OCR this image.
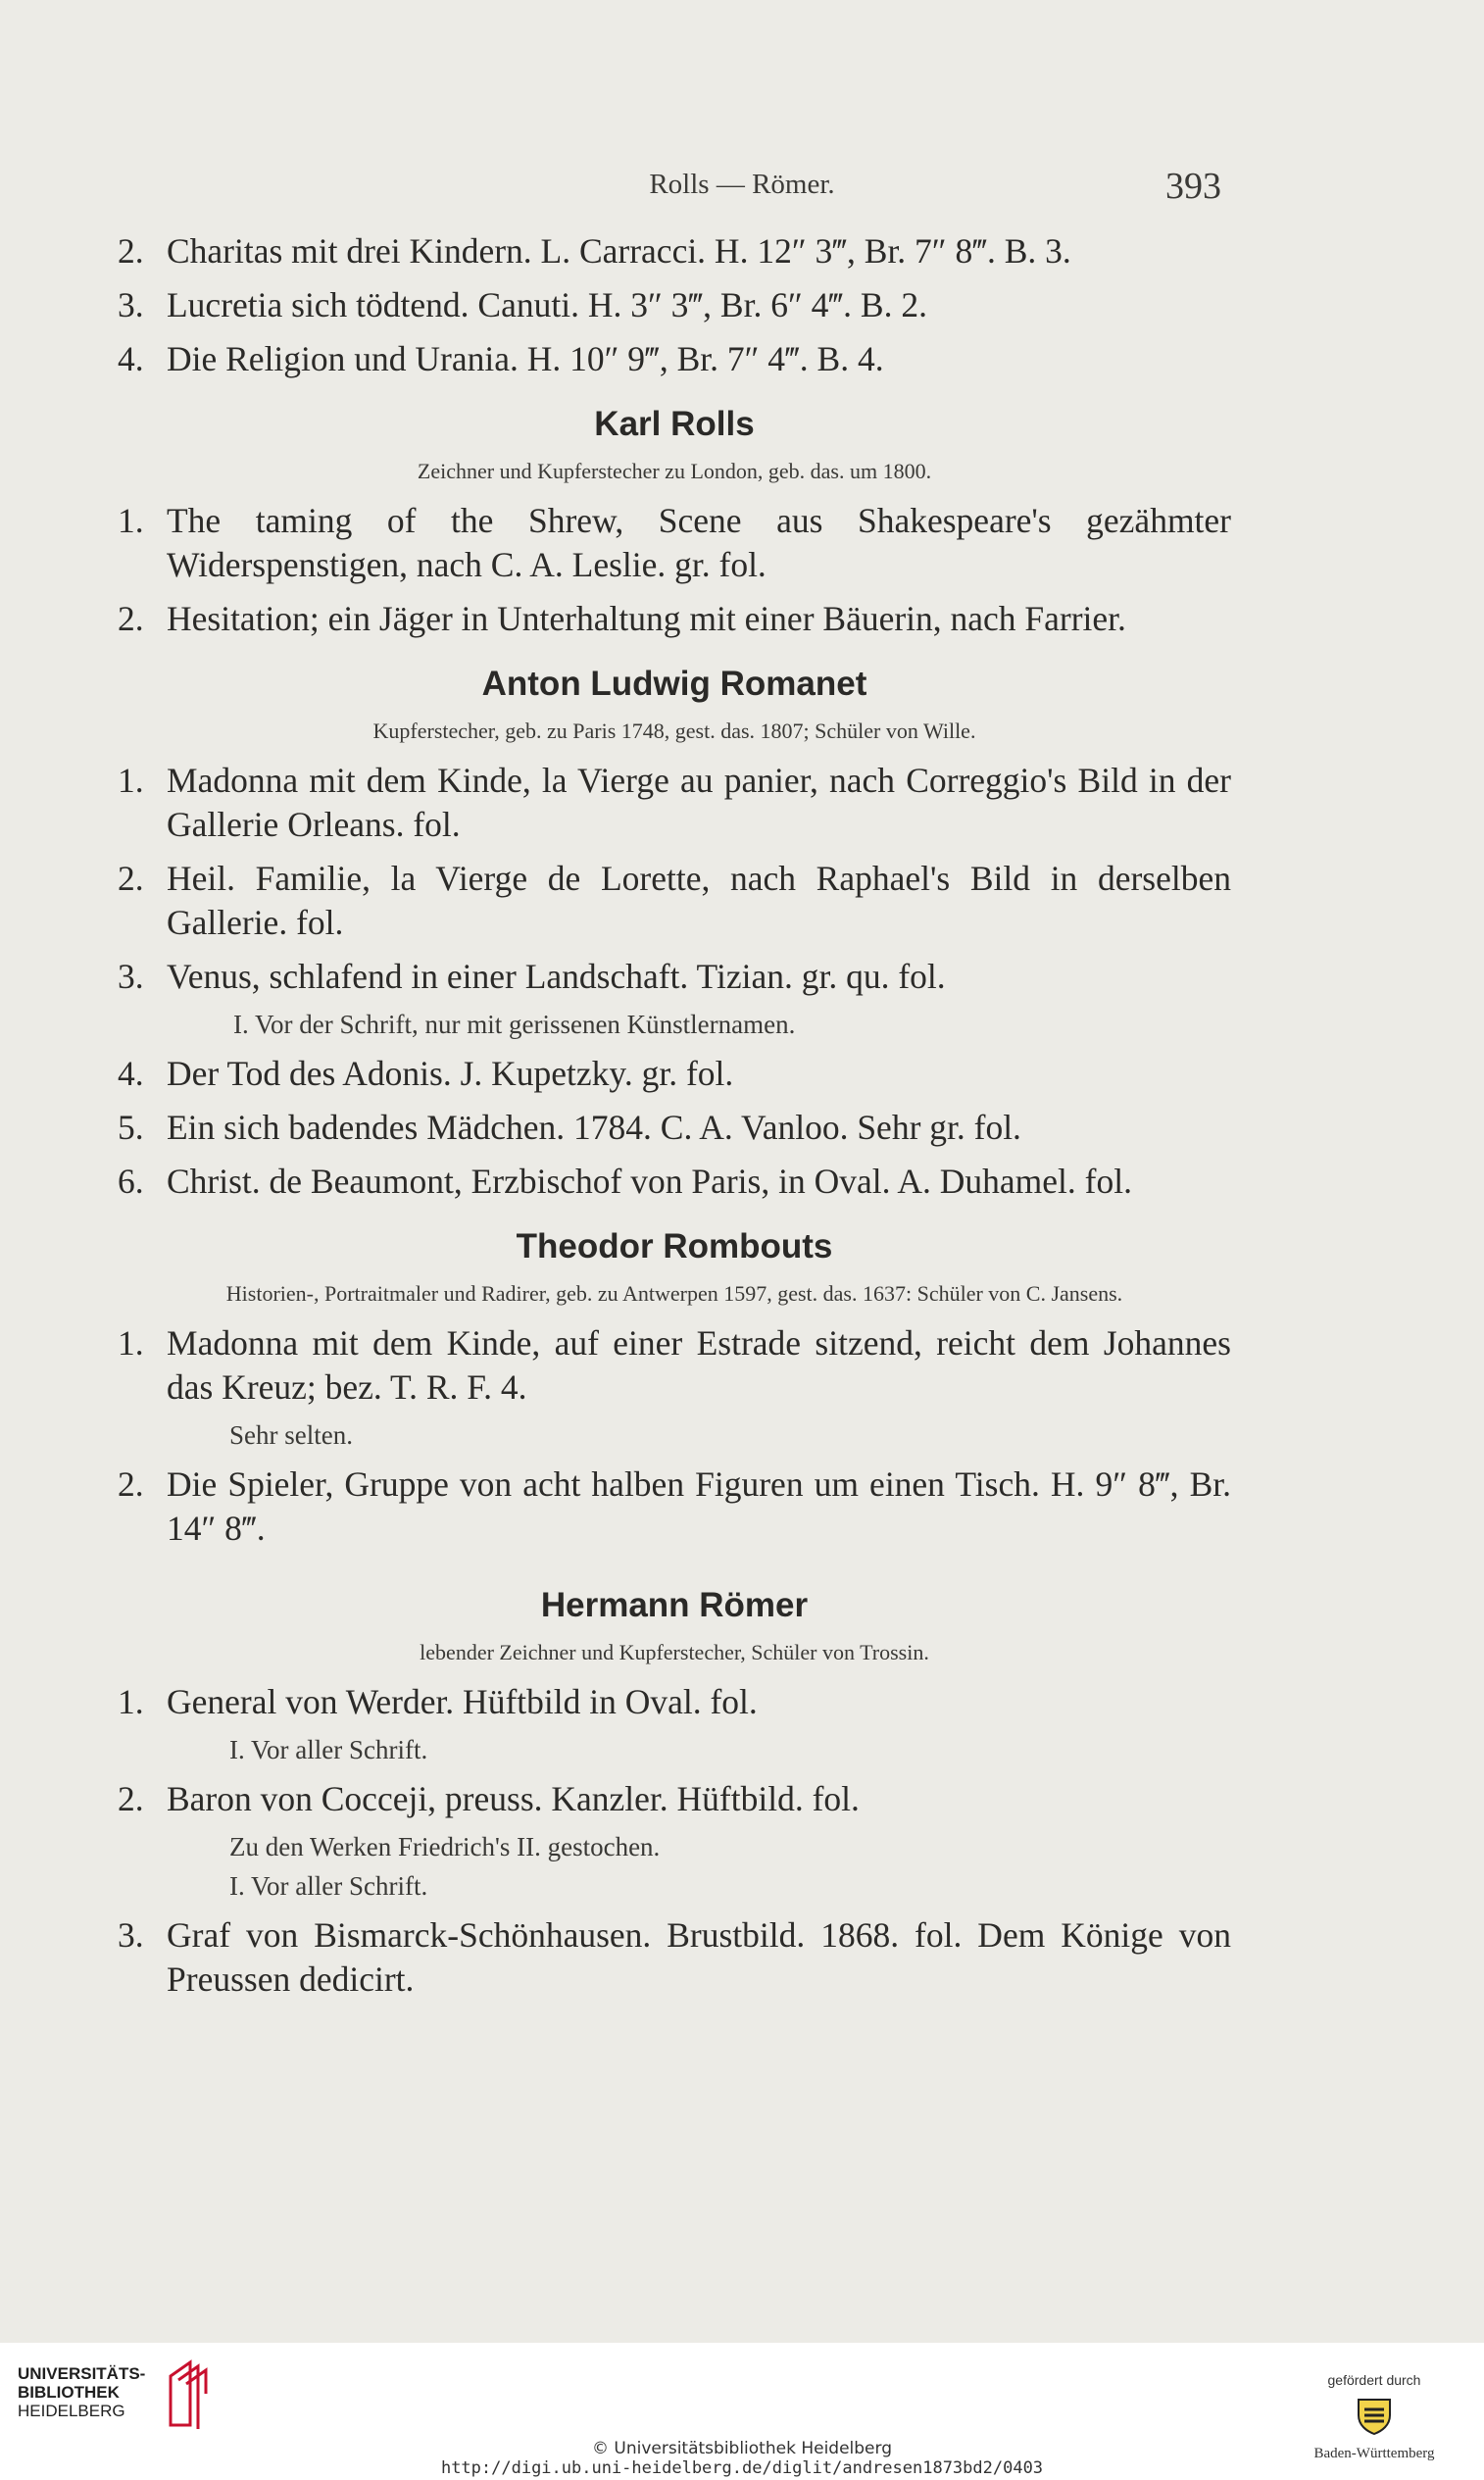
Rolls — Römer.	393

2. Charitas mit drei Kindern. L. Carracci. H. 12″ 3‴, Br. 7″ 8‴. B. 3.

3. Lucretia sich tödtend. Canuti. H. 3″ 3‴, Br. 6″ 4‴. B. 2.

4. Die Religion und Urania. H. 10″ 9‴, Br. 7″ 4‴. B. 4.

Karl Rolls
Zeichner und Kupferstecher zu London, geb. das. um 1800.

1. The taming of the Shrew, Scene aus Shakespeare's gezähmter Widerspenstigen, nach C. A. Leslie. gr. fol.

2. Hesitation; ein Jäger in Unterhaltung mit einer Bäuerin, nach Farrier.

Anton Ludwig Romanet
Kupferstecher, geb. zu Paris 1748, gest. das. 1807; Schüler von Wille.

1. Madonna mit dem Kinde, la Vierge au panier, nach Correggio's Bild in der Gallerie Orleans. fol.

2. Heil. Familie, la Vierge de Lorette, nach Raphael's Bild in derselben Gallerie. fol.

3. Venus, schlafend in einer Landschaft. Tizian. gr. qu. fol.

I. Vor der Schrift, nur mit gerissenen Künstlernamen.

4. Der Tod des Adonis. J. Kupetzky. gr. fol.

5. Ein sich badendes Mädchen. 1784. C. A. Vanloo. Sehr gr. fol.

6. Christ. de Beaumont, Erzbischof von Paris, in Oval. A. Duhamel. fol.

Theodor Rombouts
Historien-, Portraitmaler und Radirer, geb. zu Antwerpen 1597, gest. das. 1637: Schüler von C. Jansens.

1. Madonna mit dem Kinde, auf einer Estrade sitzend, reicht dem Johannes das Kreuz; bez. T. R. F. 4.

Sehr selten.

2. Die Spieler, Gruppe von acht halben Figuren um einen Tisch. H. 9″ 8‴, Br. 14″ 8‴.

Hermann Römer
lebender Zeichner und Kupferstecher, Schüler von Trossin.

1. General von Werder. Hüftbild in Oval. fol.

I. Vor aller Schrift.

2. Baron von Cocceji, preuss. Kanzler. Hüftbild. fol.

Zu den Werken Friedrich's II. gestochen.

I. Vor aller Schrift.

3. Graf von Bismarck-Schönhausen. Brustbild. 1868. fol. Dem Könige von Preussen dedicirt.

UNIVERSITÄTS-
BIBLIOTHEK
HEIDELBERG
© Universitätsbibliothek Heidelberg
http://digi.ub.uni-heidelberg.de/diglit/andresen1873bd2/0403
gefördert durch
Baden-Württemberg
